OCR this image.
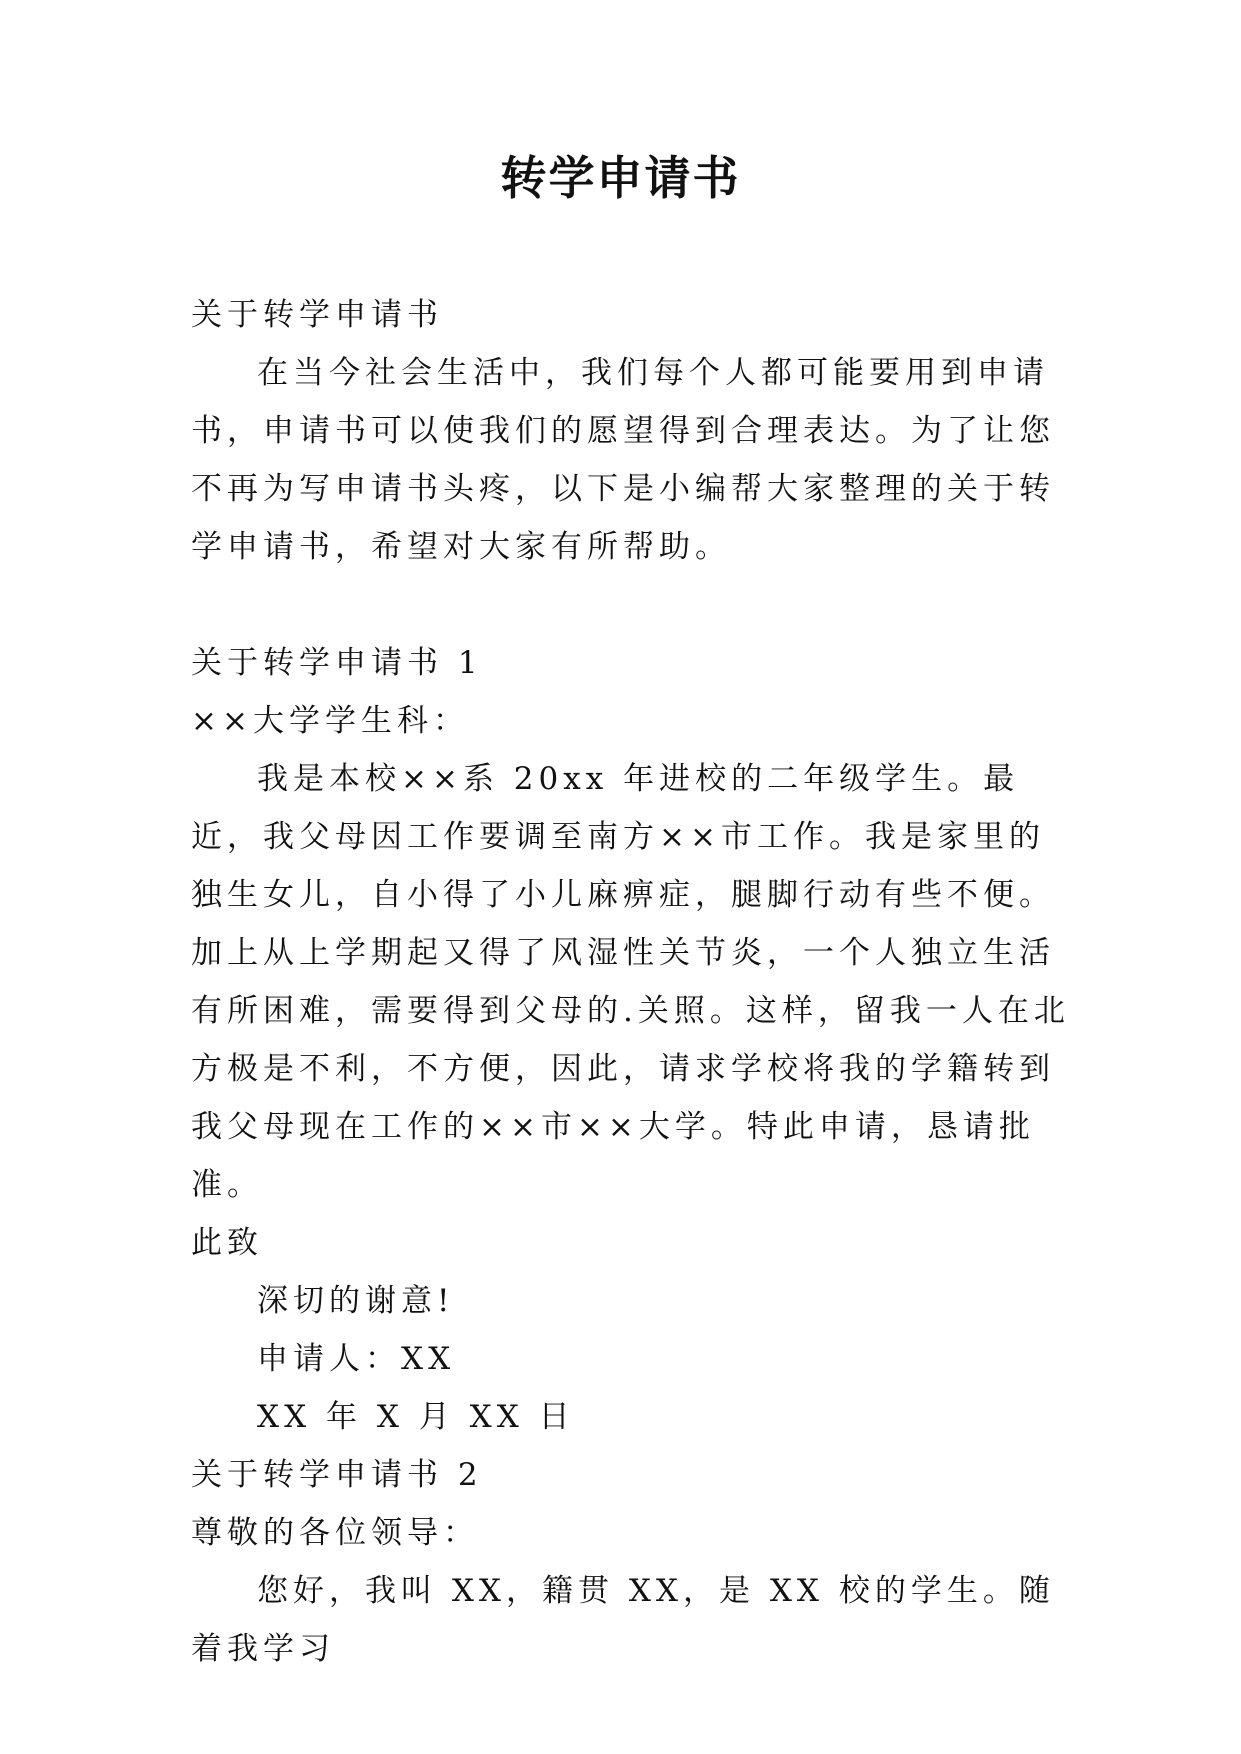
转学申请书

关于转学申请书

在当今社会生活中，我们每个人都可能要用到申请书，申请书可以使我们的愿望得到合理表达。为了让您不再为写申请书头疼，以下是小编帮大家整理的关于转学申请书，希望对大家有所帮助。

关于转学申请书 1

××大学学生科：

我是本校××系 20xx 年进校的二年级学生。最近，我父母因工作要调至南方××市工作。我是家里的独生女儿，自小得了小儿麻痹症，腿脚行动有些不便。加上从上学期起又得了风湿性关节炎，一个人独立生活有所困难，需要得到父母的.关照。这样，留我一人在北方极是不利，不方便，因此，请求学校将我的学籍转到我父母现在工作的××市××大学。特此申请，恳请批准。

此致

深切的谢意!

申请人：XX

XX 年 X 月 XX 日

关于转学申请书 2

尊敬的各位领导：

您好，我叫 XX，籍贯 XX，是 XX 校的学生。随着我学习
